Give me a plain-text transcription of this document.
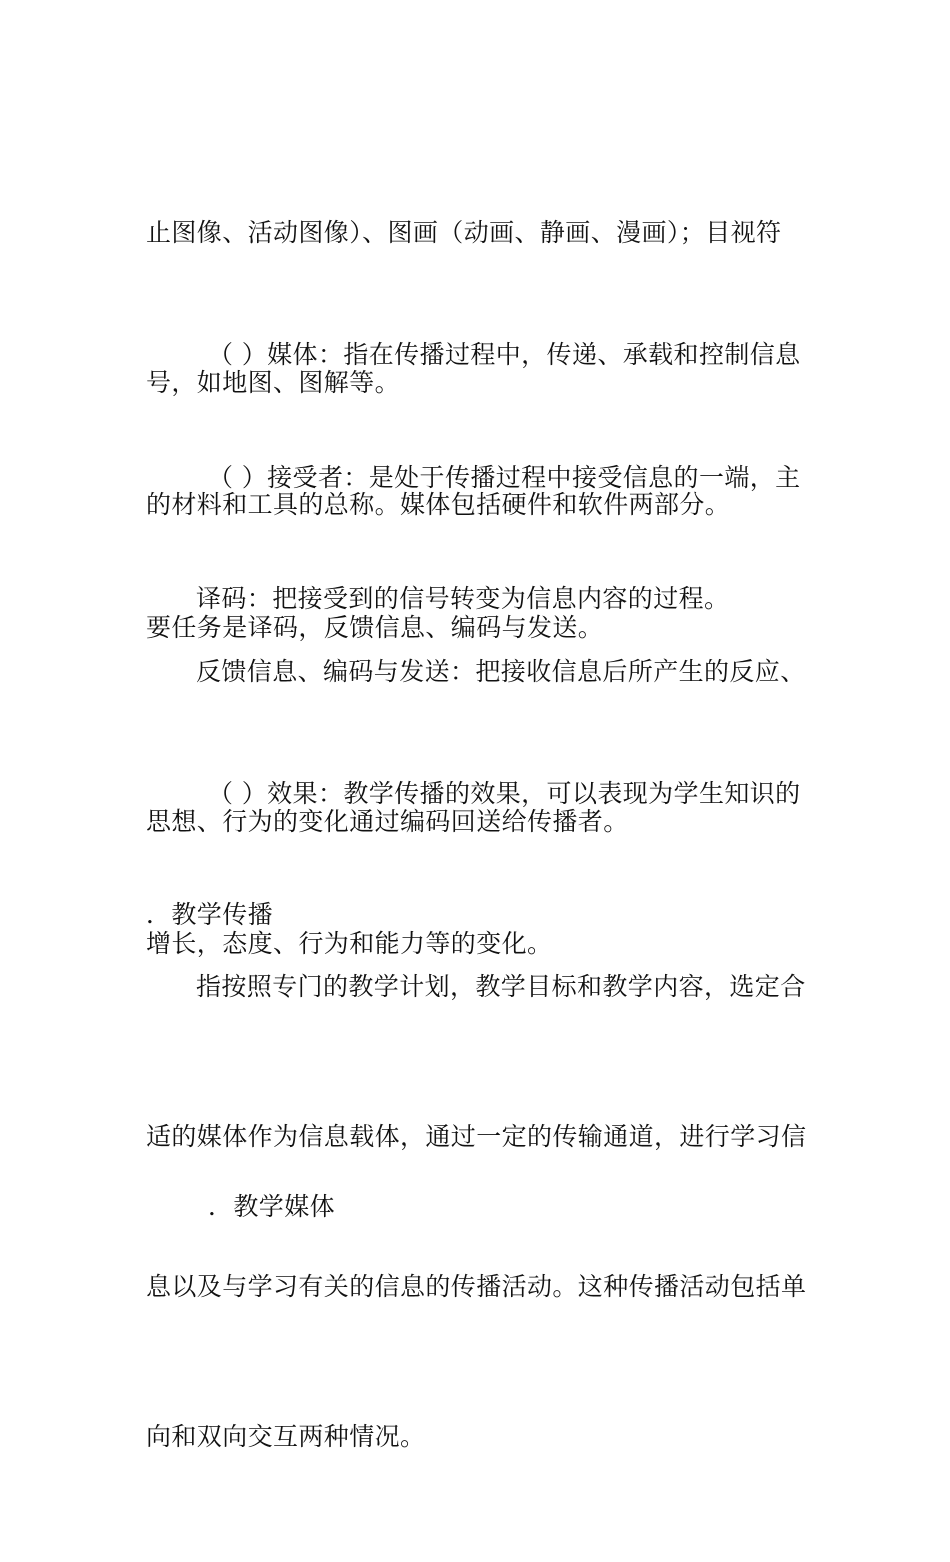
止图像、活动图像）、图画（动画、静画、漫画）；目视符

号，如地图、图解等。

（ ）媒体：指在传播过程中，传递、承载和控制信息

的材料和工具的总称。媒体包括硬件和软件两部分。

（ ）接受者：是处于传播过程中接受信息的一端，主

要任务是译码，反馈信息、编码与发送。

译码：把接受到的信号转变为信息内容的过程。

反馈信息、编码与发送：把接收信息后所产生的反应、

思想、行为的变化通过编码回送给传播者。

（ ）效果：教学传播的效果，可以表现为学生知识的

增长，态度、行为和能力等的变化。

．教学传播

指按照专门的教学计划，教学目标和教学内容，选定合

适的媒体作为信息载体，通过一定的传输通道，进行学习信

息以及与学习有关的信息的传播活动。这种传播活动包括单

向和双向交互两种情况。

．教学媒体
